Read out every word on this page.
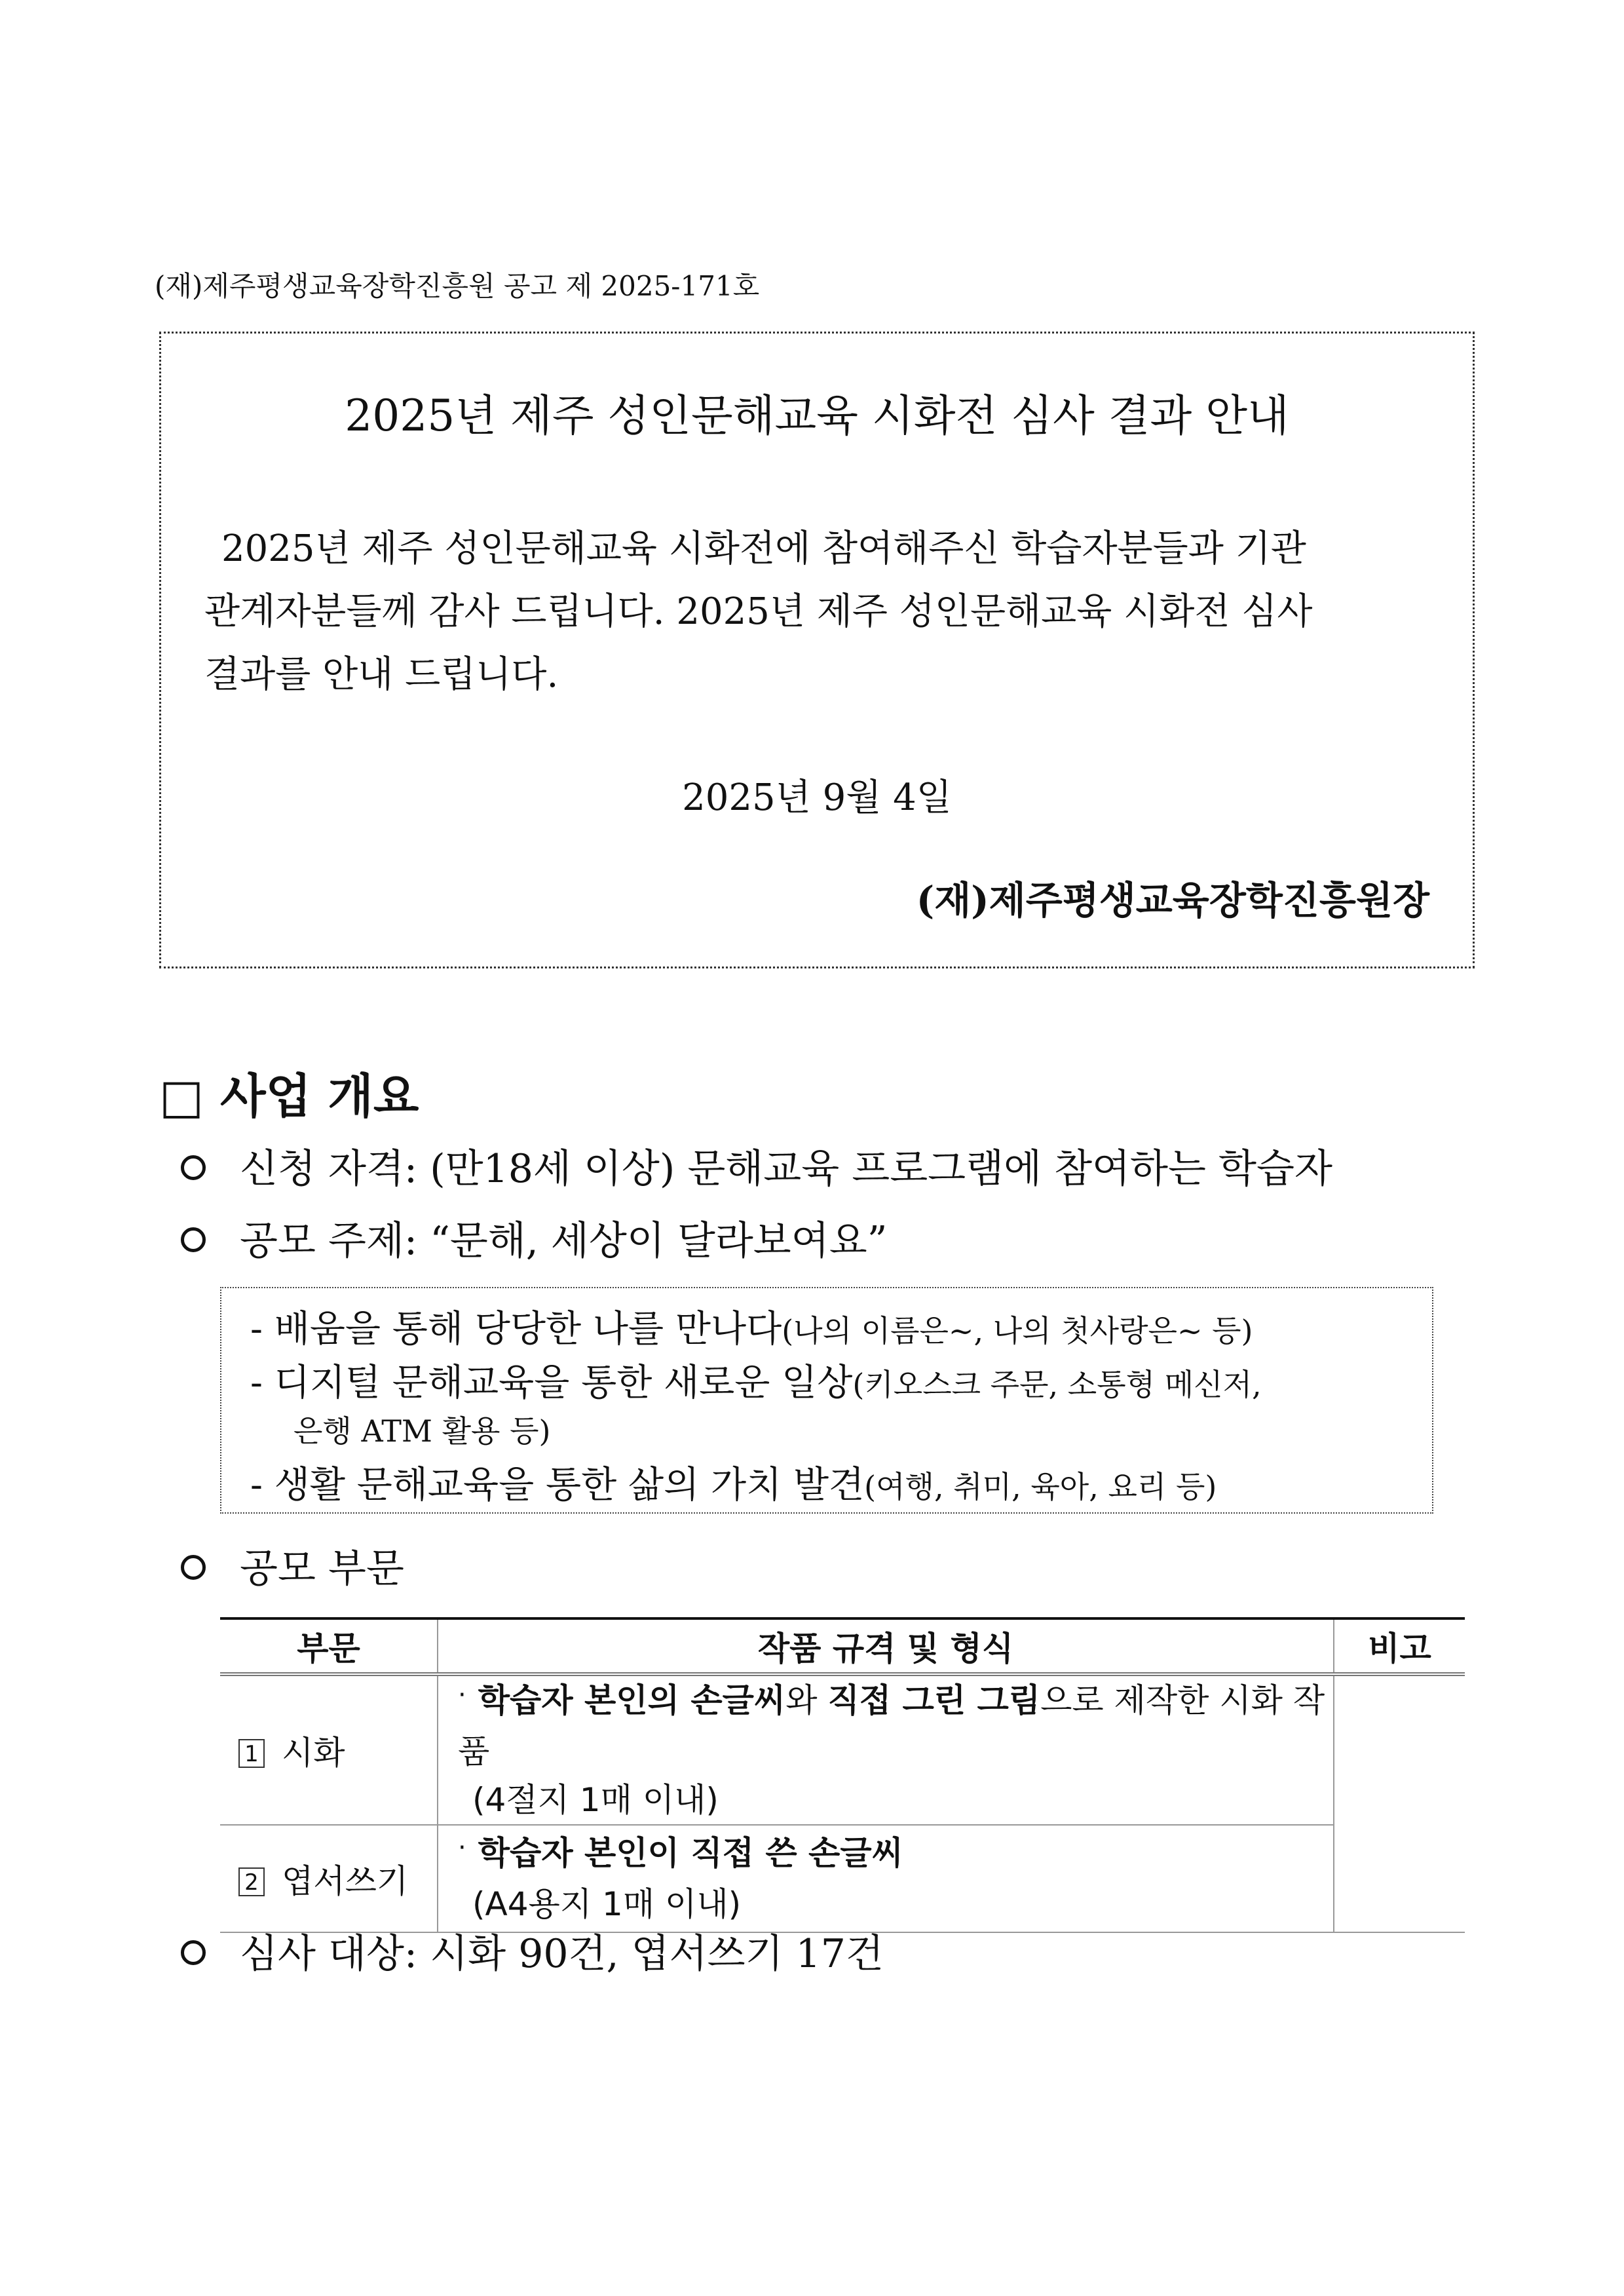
(재)제주평생교육장학진흥원 공고 제 2025-171호
2025년 제주 성인문해교육 시화전 심사 결과 안내
2025년 제주 성인문해교육 시화전에 참여해주신 학습자분들과 기관
관계자분들께 감사 드립니다. 2025년 제주 성인문해교육 시화전 심사
결과를 안내 드립니다.
2025년 9월 4일
(재)제주평생교육장학진흥원장
□ 사업 개요
신청 자격: (만18세 이상) 문해교육 프로그램에 참여하는 학습자
공모 주제: “문해, 세상이 달라보여요”
- 배움을 통해 당당한 나를 만나다(나의 이름은~, 나의 첫사랑은~ 등)
- 디지털 문해교육을 통한 새로운 일상(키오스크 주문, 소통형 메신저,
은행 ATM 활용 등)
- 생활 문해교육을 통한 삶의 가치 발견(여행, 취미, 육아, 요리 등)
공모 부문
부문	작품 규격 및 형식	비고
1 시화	· 학습자 본인의 손글씨와 직접 그린 그림으로 제작한 시화 작품
(4절지 1매 이내)	

2 엽서쓰기	· 학습자 본인이 직접 쓴 손글씨
(A4용지 1매 이내)	
심사 대상: 시화 90건, 엽서쓰기 17건
